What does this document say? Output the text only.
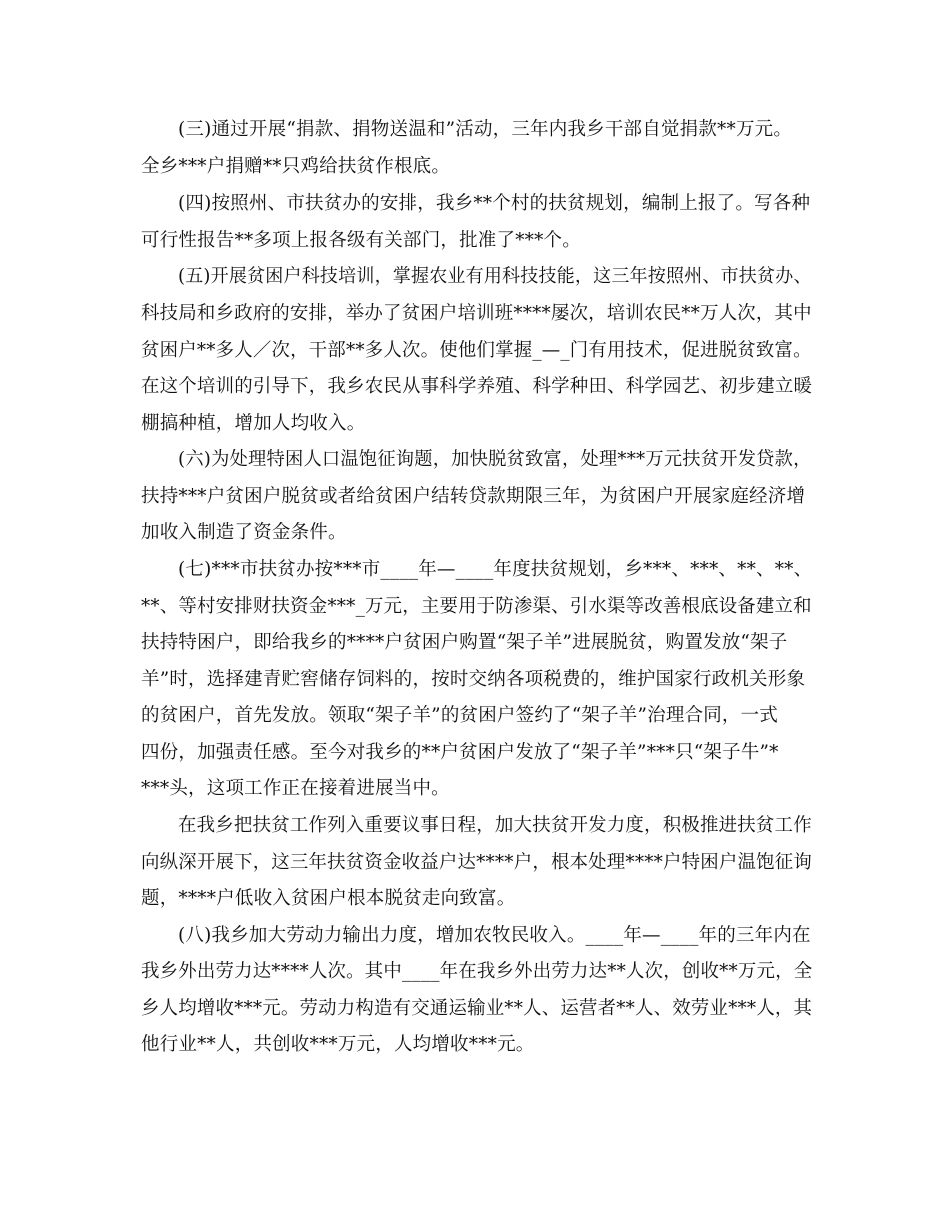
(三)通过开展“捐款、捐物送温和”活动，三年内我乡干部自觉捐款**万元。
全乡***户捐赠**只鸡给扶贫作根底。
(四)按照州、市扶贫办的安排，我乡**个村的扶贫规划，编制上报了。写各种
可行性报告**多项上报各级有关部门，批准了***个。
(五)开展贫困户科技培训，掌握农业有用科技技能，这三年按照州、市扶贫办、
科技局和乡政府的安排，举办了贫困户培训班****屡次，培训农民**万人次，其中
贫困户**多人／次，干部**多人次。使他们掌握_—_门有用技术，促进脱贫致富。
在这个培训的引导下，我乡农民从事科学养殖、科学种田、科学园艺、初步建立暖
棚搞种植，增加人均收入。
(六)为处理特困人口温饱征询题，加快脱贫致富，处理***万元扶贫开发贷款，
扶持***户贫困户脱贫或者给贫困户结转贷款期限三年，为贫困户开展家庭经济增
加收入制造了资金条件。
(七)***市扶贫办按***市____年—____年度扶贫规划，乡***、***、**、**、
**、等村安排财扶资金***_万元，主要用于防渗渠、引水渠等改善根底设备建立和
扶持特困户，即给我乡的****户贫困户购置“架子羊”进展脱贫，购置发放“架子
羊”时，选择建青贮窖储存饲料的，按时交纳各项税费的，维护国家行政机关形象
的贫困户，首先发放。领取“架子羊”的贫困户签约了“架子羊”治理合同，一式
四份，加强责任感。至今对我乡的**户贫困户发放了“架子羊”***只“架子牛”*
***头，这项工作正在接着进展当中。
在我乡把扶贫工作列入重要议事日程，加大扶贫开发力度，积极推进扶贫工作
向纵深开展下，这三年扶贫资金收益户达****户，根本处理****户特困户温饱征询
题，****户低收入贫困户根本脱贫走向致富。
(八)我乡加大劳动力输出力度，增加农牧民收入。____年—____年的三年内在
我乡外出劳力达****人次。其中____年在我乡外出劳力达**人次，创收**万元，全
乡人均增收***元。劳动力构造有交通运输业**人、运营者**人、效劳业***人，其
他行业**人，共创收***万元，人均增收***元。
